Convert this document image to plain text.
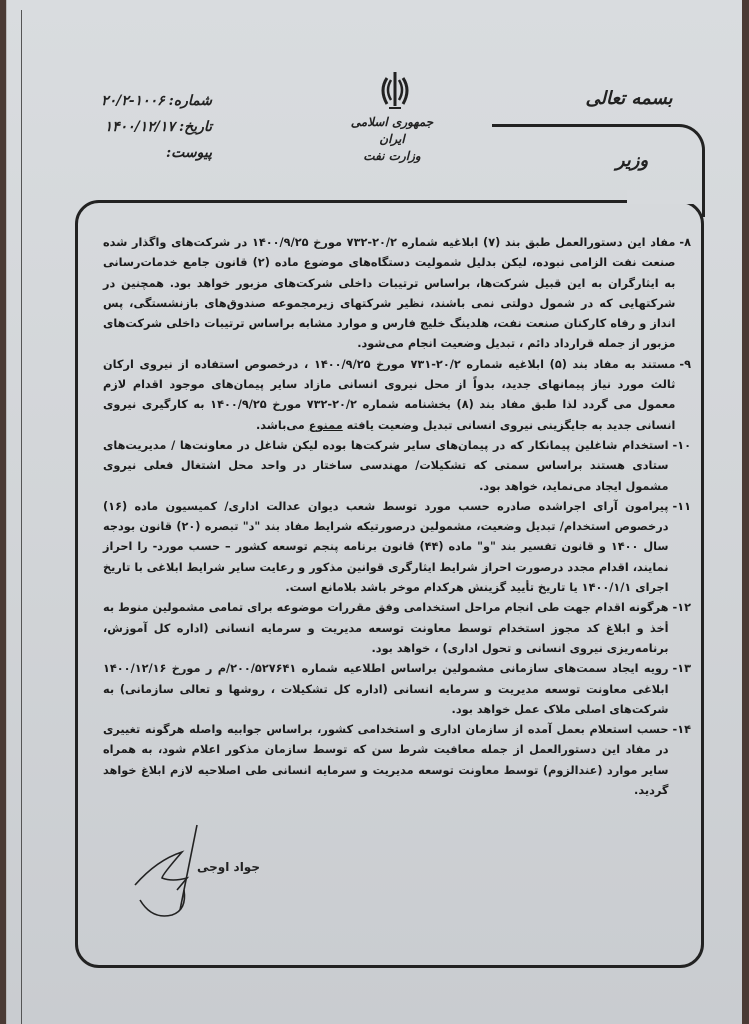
بسمه تعالی
وزیر
جمهوری اسلامی ایران
وزارت نفت
شماره:
۲۰/۲-۱۰۰۶
تاریخ:
۱۴۰۰/۱۲/۱۷
پیوست:
۸-
مفاد این دستورالعمل طبق بند (۷) ابلاغیه شماره ۲۰/۲-۷۳۲ مورخ ۱۴۰۰/۹/۲۵ در شرکت‌های واگذار شده صنعت نفت الزامی نبوده، لیکن بدلیل شمولیت دستگاه‌های موضوع ماده (۲) قانون جامع خدمات‌رسانی به ایثارگران به این قبیل شرکت‌ها، براساس ترتیبات داخلی شرکت‌های مزبور خواهد بود. همچنین در شرکتهایی که در شمول دولتی نمی باشند، نظیر شرکتهای زیرمجموعه صندوق‌های بازنشستگی، پس انداز و رفاه کارکنان صنعت نفت، هلدینگ خلیج فارس و موارد مشابه براساس ترتیبات داخلی شرکت‌های مزبور از جمله قرارداد دائم ، تبدیل وضعیت انجام می‌شود.
۹-
مستند به مفاد بند (۵) ابلاغیه شماره ۲۰/۲-۷۳۱ مورخ ۱۴۰۰/۹/۲۵ ، درخصوص استفاده از نیروی ارکان ثالث مورد نیاز پیمانهای جدید، بدواً از محل نیروی انسانی مازاد سایر پیمان‌های موجود اقدام لازم معمول می گردد لذا طبق مفاد بند (۸) بخشنامه شماره ۲۰/۲-۷۳۲ مورخ ۱۴۰۰/۹/۲۵ به کارگیری نیروی انسانی جدید به جایگزینی نیروی انسانی تبدیل وضعیت یافته ممنوع می‌باشد.
۱۰-
استخدام شاغلین پیمانکار که در پیمان‌های سایر شرکت‌ها بوده لیکن شاغل در معاونت‌ها / مدیریت‌های ستادی هستند براساس سمتی که تشکیلات/ مهندسی ساختار در واحد محل اشتغال فعلی نیروی مشمول ایجاد می‌نماید، خواهد بود.
۱۱-
پیرامون آرای اجراشده صادره حسب مورد توسط شعب دیوان عدالت اداری/ کمیسیون ماده (۱۶) درخصوص استخدام/ تبدیل وضعیت، مشمولین درصورتیکه شرایط مفاد بند "د" تبصره (۲۰) قانون بودجه سال ۱۴۰۰ و قانون تفسیر بند "و" ماده (۴۴) قانون برنامه پنجم توسعه کشور – حسب مورد- را احراز نمایند، اقدام مجدد درصورت احراز شرایط ایثارگری قوانین مذکور و رعایت سایر شرایط ابلاغی با تاریخ اجرای ۱۴۰۰/۱/۱ یا تاریخ تأیید گزینش هرکدام موخر باشد بلامانع است.
۱۲-
هرگونه اقدام جهت طی انجام مراحل استخدامی وفق مقررات موضوعه برای تمامی مشمولین منوط به أخذ و ابلاغ کد مجوز استخدام توسط معاونت توسعه مدیریت و سرمایه انسانی (اداره کل آموزش، برنامه‌ریزی نیروی انسانی و تحول اداری) ، خواهد بود.
۱۳-
رویه ایجاد سمت‌های سازمانی مشمولین براساس اطلاعیه شماره ۲۰۰/۵۲۷۶۴۱/م ر مورخ ۱۴۰۰/۱۲/۱۶ ابلاغی معاونت توسعه مدیریت و سرمایه انسانی (اداره کل تشکیلات ، روشها و تعالی سازمانی) به شرکت‌های اصلی ملاک عمل خواهد بود.
۱۴-
حسب استعلام بعمل آمده از سازمان اداری و استخدامی کشور، براساس جوابیه واصله هرگونه تغییری در مفاد این دستورالعمل از جمله معافیت شرط سن که توسط سازمان مذکور اعلام شود، به همراه سایر موارد (عندالزوم) توسط معاونت توسعه مدیریت و سرمایه انسانی طی اصلاحیه لازم ابلاغ خواهد گردید.
جواد اوجی
